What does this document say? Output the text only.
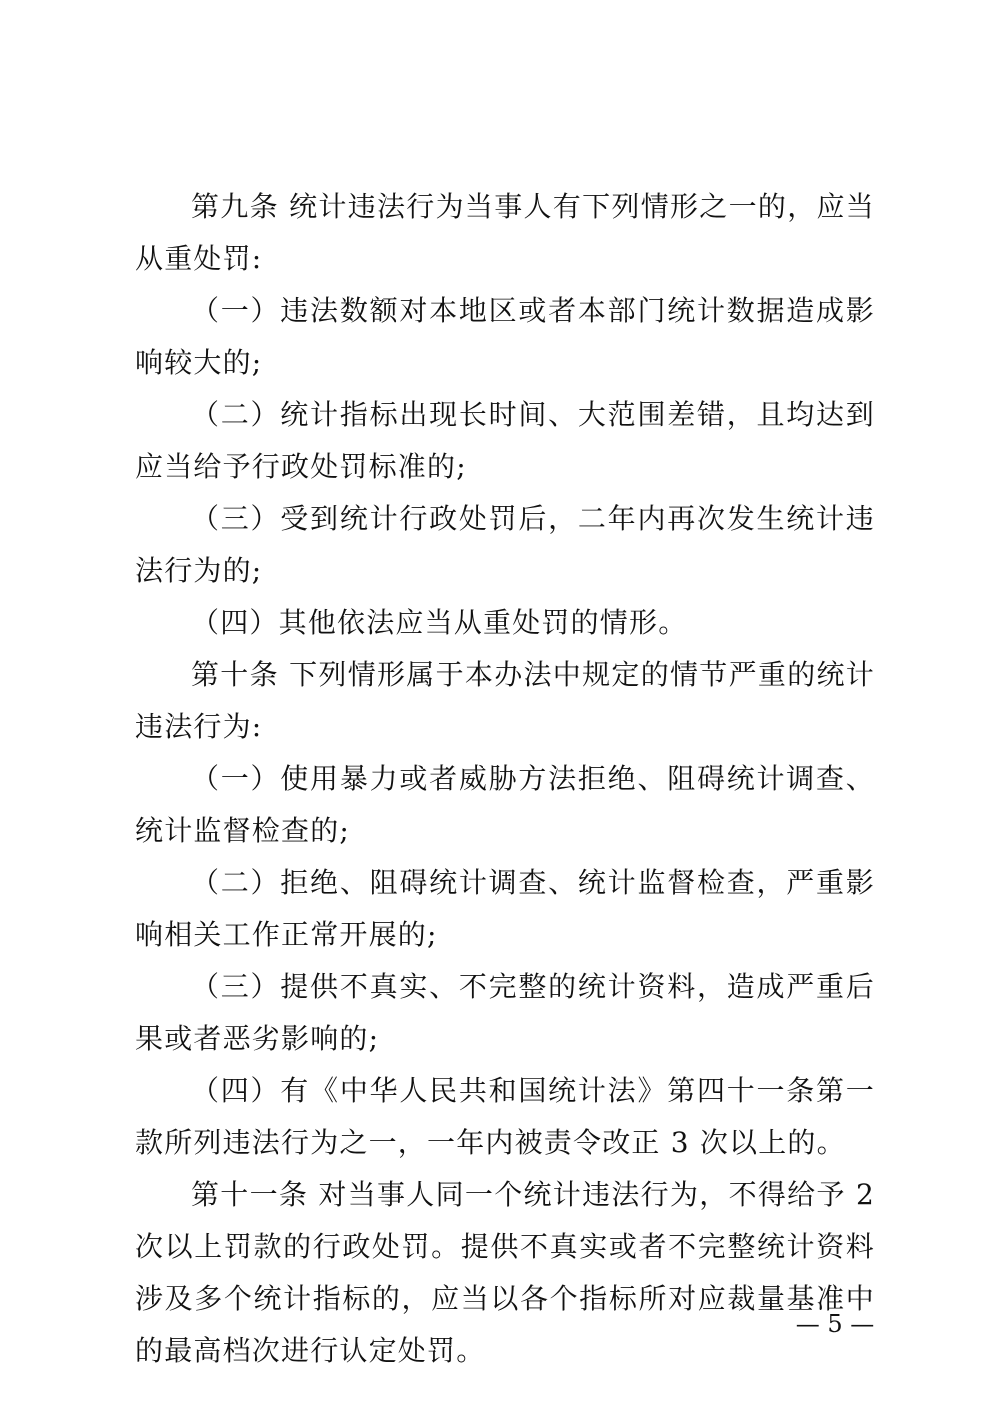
第九条 统计违法行为当事人有下列情形之一的，应当从重处罚:

（一）违法数额对本地区或者本部门统计数据造成影响较大的;

（二）统计指标出现长时间、大范围差错，且均达到应当给予行政处罚标准的;

（三）受到统计行政处罚后，二年内再次发生统计违法行为的;

（四）其他依法应当从重处罚的情形。

第十条 下列情形属于本办法中规定的情节严重的统计违法行为:

（一）使用暴力或者威胁方法拒绝、阻碍统计调查、统计监督检查的;

（二）拒绝、阻碍统计调查、统计监督检查，严重影响相关工作正常开展的;

（三）提供不真实、不完整的统计资料，造成严重后果或者恶劣影响的;

（四）有《中华人民共和国统计法》第四十一条第一款所列违法行为之一，一年内被责令改正 3 次以上的。

第十一条 对当事人同一个统计违法行为，不得给予 2 次以上罚款的行政处罚。提供不真实或者不完整统计资料涉及多个统计指标的，应当以各个指标所对应裁量基准中的最高档次进行认定处罚。

— 5 —
